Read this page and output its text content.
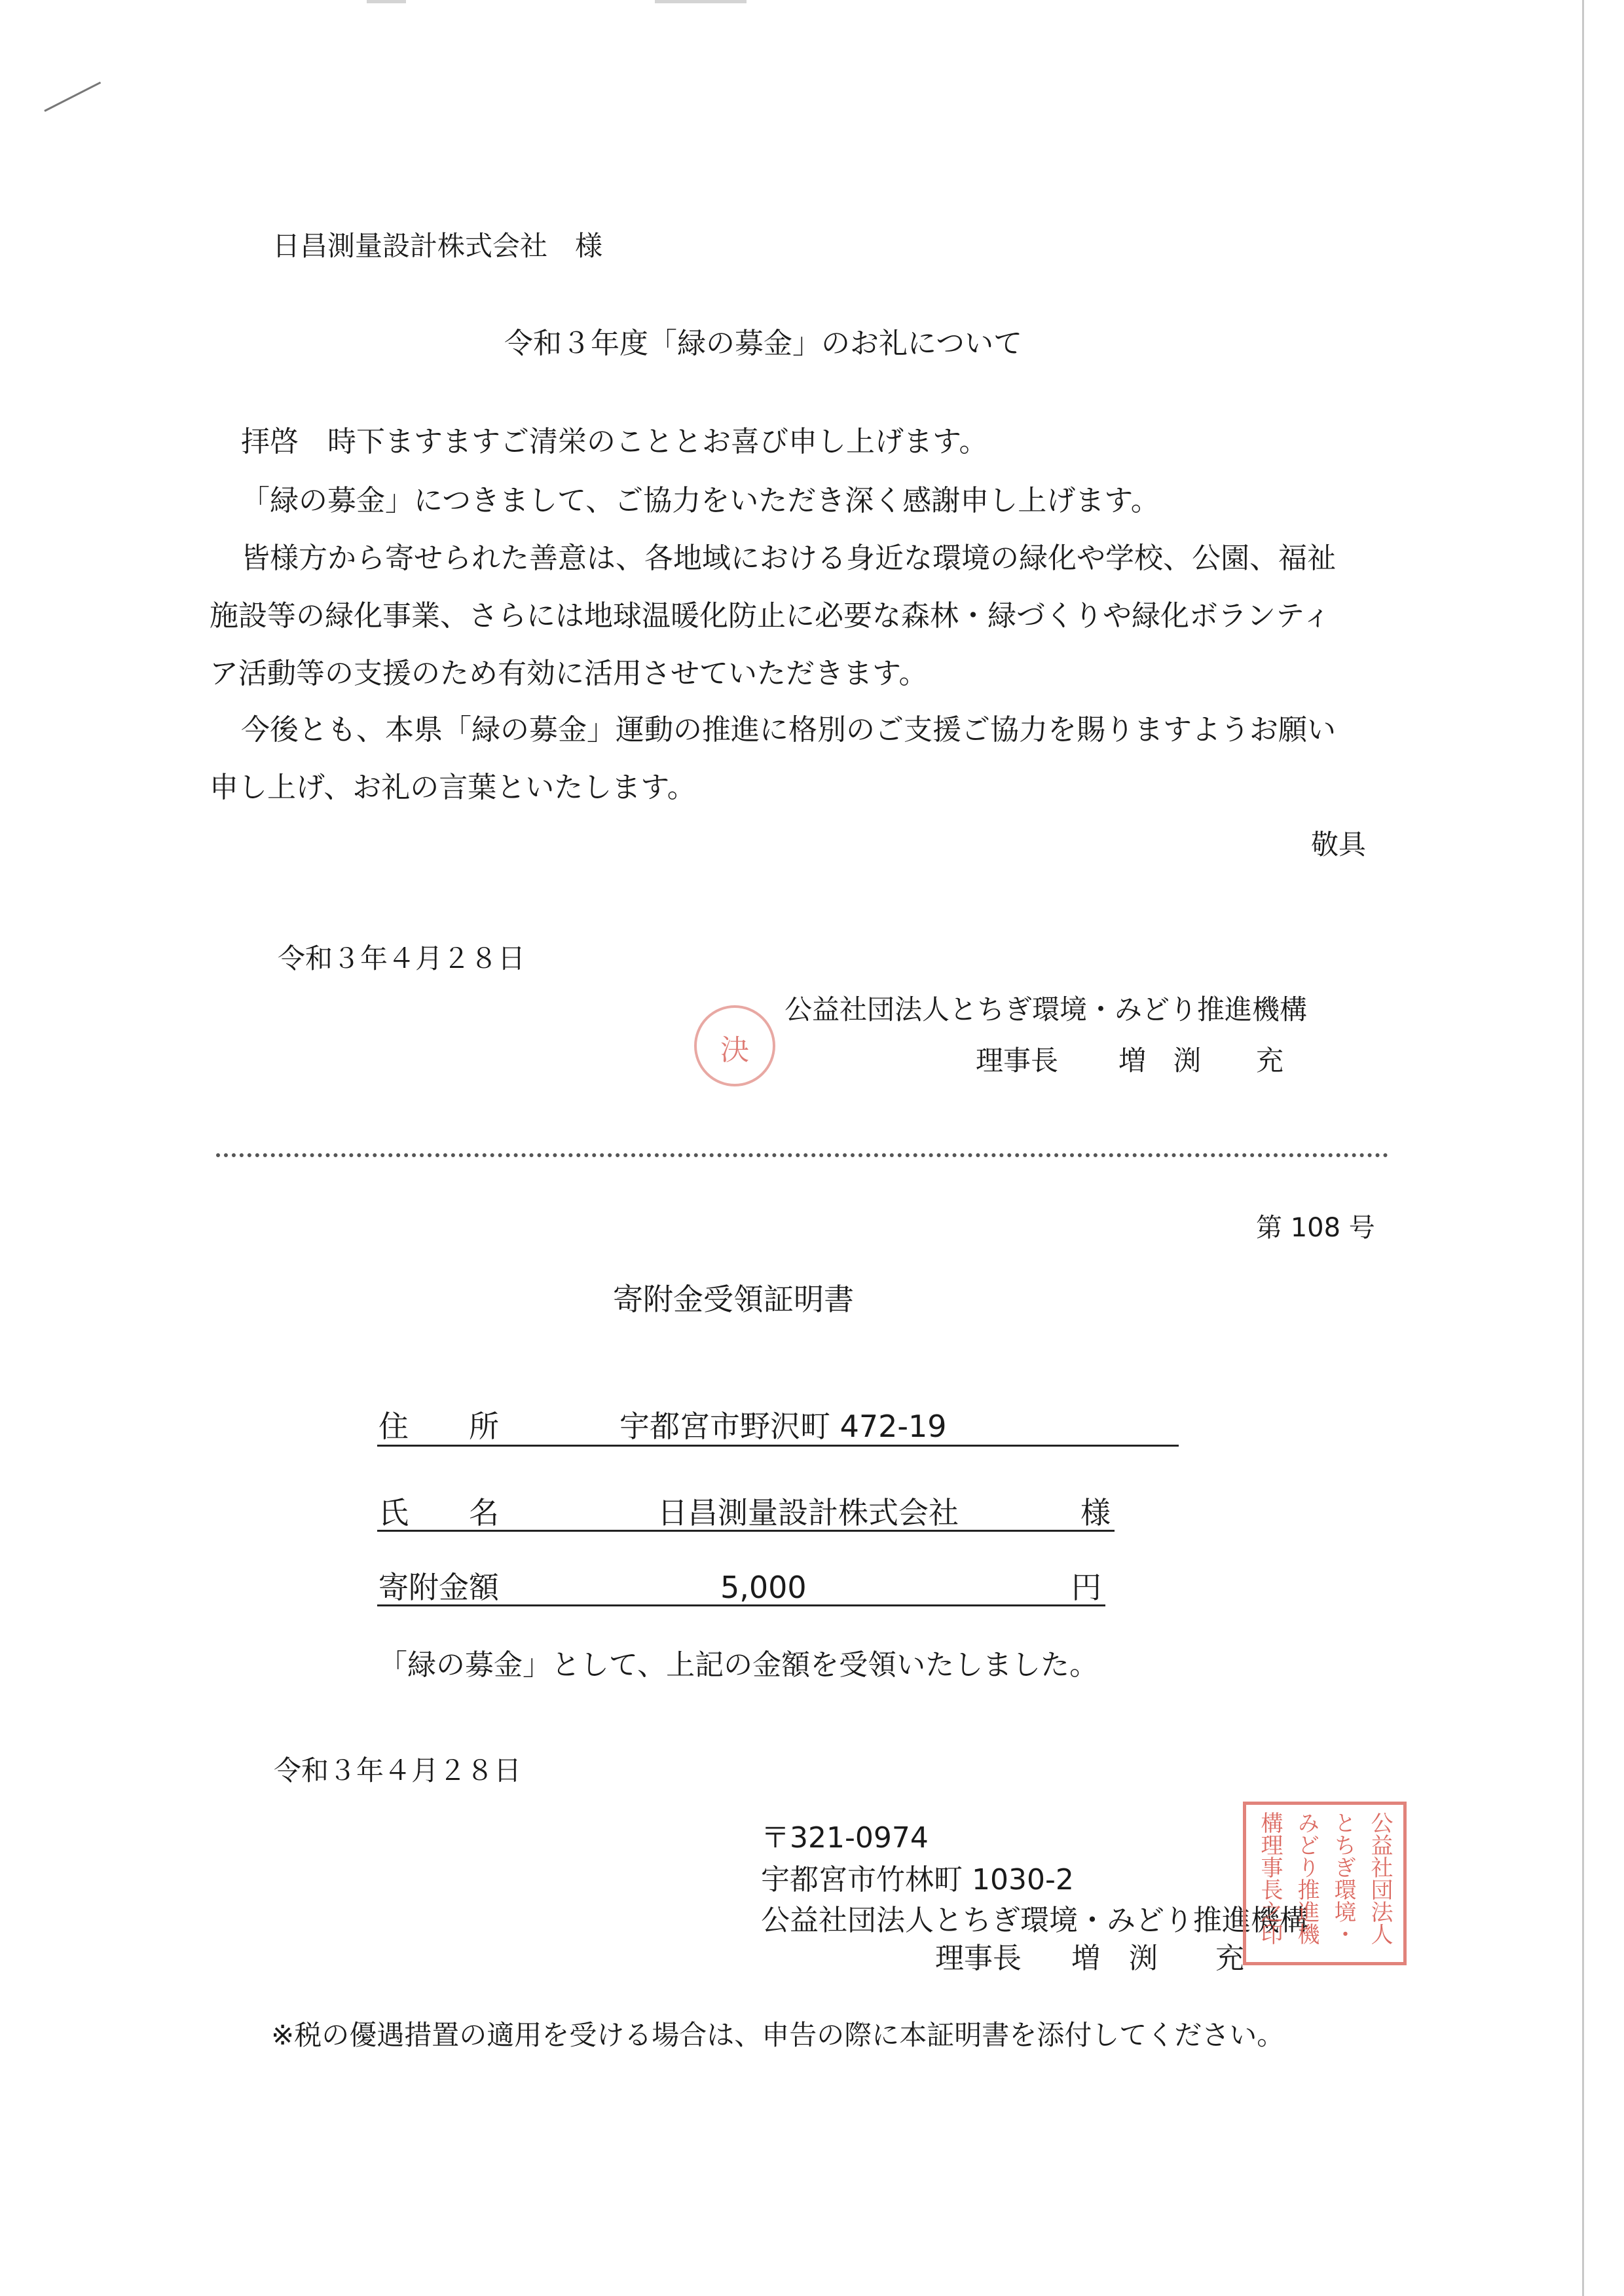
日昌測量設計株式会社　様
令和３年度「緑の募金」のお礼について
拝啓　時下ますますご清栄のこととお喜び申し上げます。
「緑の募金」につきまして、ご協力をいただき深く感謝申し上げます。
皆様方から寄せられた善意は、各地域における身近な環境の緑化や学校、公園、福祉
施設等の緑化事業、さらには地球温暖化防止に必要な森林・緑づくりや緑化ボランティ
ア活動等の支援のため有効に活用させていただきます。
今後とも、本県「緑の募金」運動の推進に格別のご支援ご協力を賜りますようお願い
申し上げ、お礼の言葉といたします。
敬具
令和３年４月２８日
決
公益社団法人とちぎ環境・みどり推進機構
理事長 増　渕　　充
第 108 号
寄附金受領証明書
住　　所	宇都宮市野沢町 472-19
氏　　名	日昌測量設計株式会社	様
寄附金額	5,000	円
「緑の募金」として、上記の金額を受領いたしました。
令和３年４月２８日
〒321-0974
宇都宮市竹林町 1030-2
公益社団法人とちぎ環境・みどり推進機構
理事長 増　渕　　充
構理事長之印 みどり推進機 とちぎ環境・ 公益社団法人
※税の優遇措置の適用を受ける場合は、申告の際に本証明書を添付してください。
